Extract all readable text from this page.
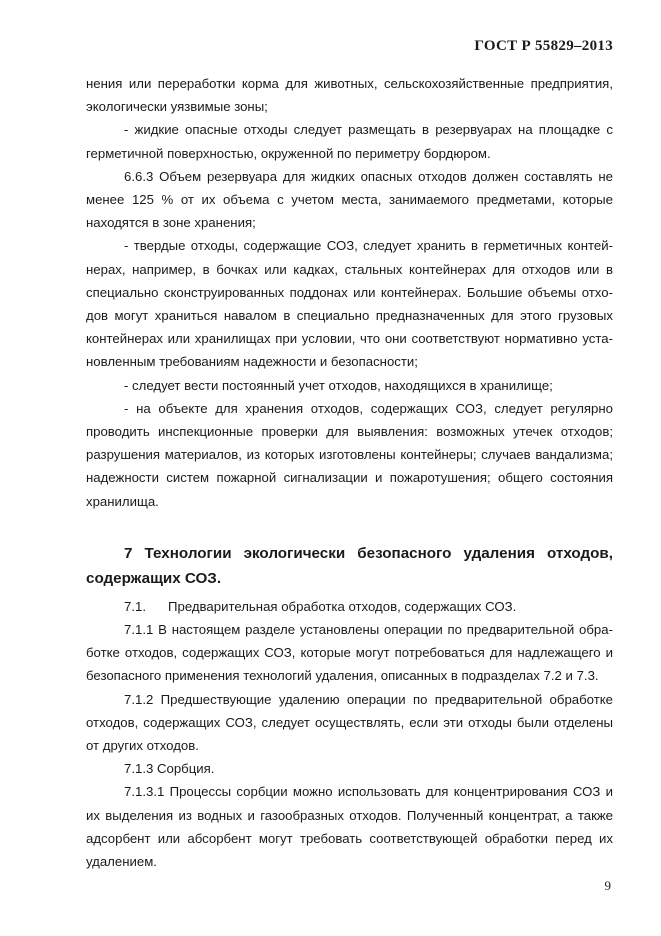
ГОСТ Р 55829–2013

нения или переработки корма для животных, сельскохозяйственные предприятия, экологически уязвимые зоны;

- жидкие опасные отходы следует размещать в резервуарах на площадке с герметичной поверхностью, окруженной по периметру бордюром.

6.6.3 Объем резервуара для жидких опасных отходов должен составлять не менее 125 % от их объема с учетом места, занимаемого предметами, которые находятся в зоне хранения;

- твердые отходы, содержащие СОЗ, следует хранить в герметичных контейнерах, например, в бочках или кадках, стальных контейнерах для отходов или в специально сконструированных поддонах или контейнерах. Большие объемы отходов могут храниться навалом в специально предназначенных для этого грузовых контейнерах или хранилищах при условии, что они соответствуют нормативно установленным требованиям надежности и безопасности;

- следует вести постоянный учет отходов, находящихся в хранилище;

- на объекте для хранения отходов, содержащих СОЗ, следует регулярно проводить инспекционные проверки для выявления: возможных утечек отходов; разрушения материалов, из которых изготовлены контейнеры; случаев вандализма; надежности систем пожарной сигнализации и пожаротушения; общего состояния хранилища.

7 Технологии экологически безопасного удаления отходов, содержащих СОЗ.

7.1. Предварительная обработка отходов, содержащих СОЗ.

7.1.1 В настоящем разделе установлены операции по предварительной обработке отходов, содержащих СОЗ, которые могут потребоваться для надлежащего и безопасного применения технологий удаления, описанных в подразделах 7.2 и 7.3.

7.1.2 Предшествующие удалению операции по предварительной обработке отходов, содержащих СОЗ, следует осуществлять, если эти отходы были отделены от других отходов.

7.1.3 Сорбция.

7.1.3.1 Процессы сорбции можно использовать для концентрирования СОЗ и их выделения из водных и газообразных отходов. Полученный концентрат, а также адсорбент или абсорбент могут требовать соответствующей обработки перед их удалением.

9
